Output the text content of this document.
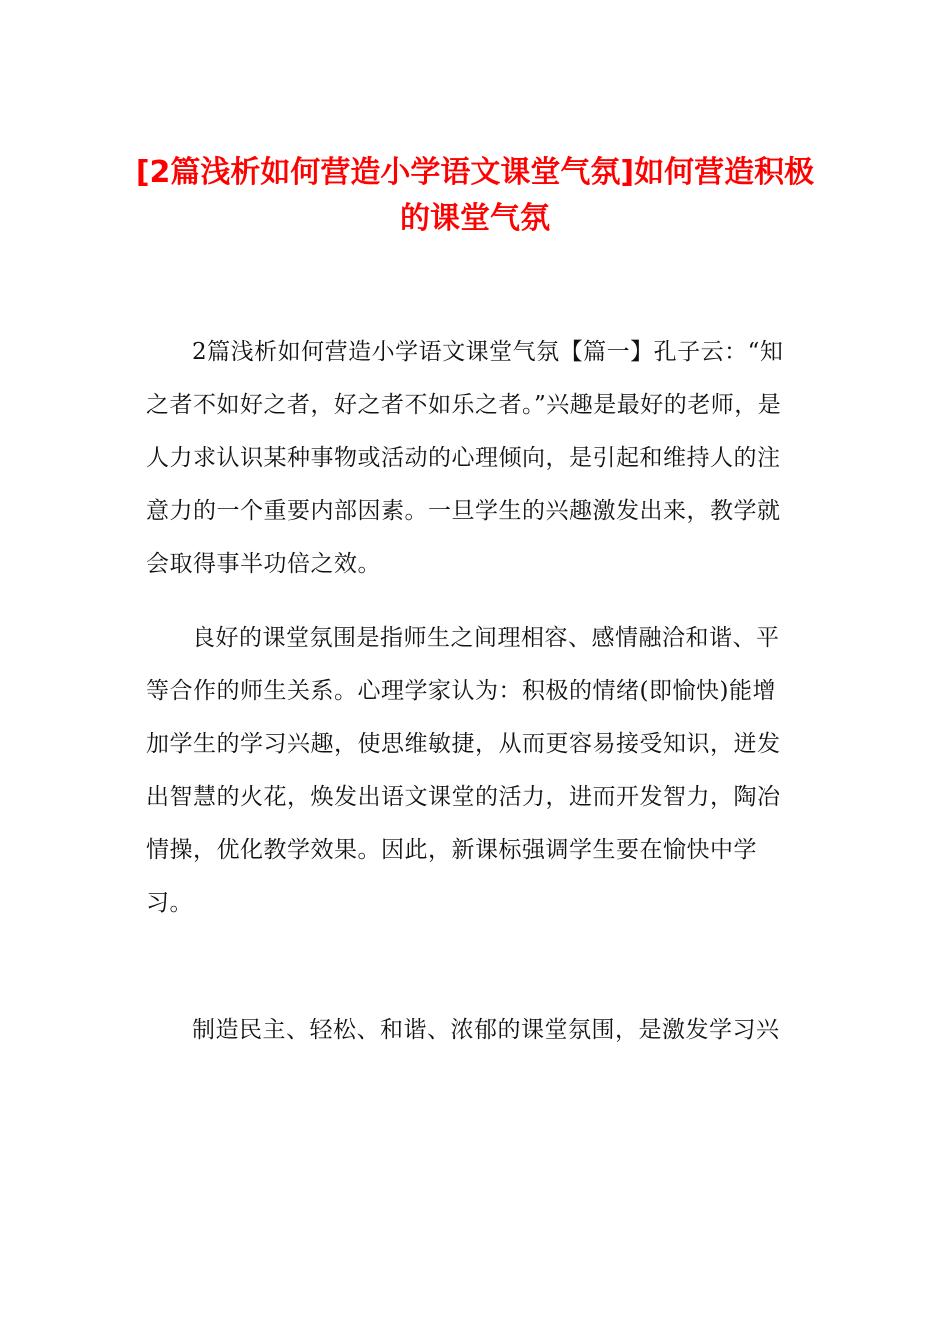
[2篇浅析如何营造小学语文课堂气氛]如何营造积极的课堂气氛

2篇浅析如何营造小学语文课堂气氛【篇一】孔子云：“知之者不如好之者，好之者不如乐之者。”兴趣是最好的老师，是人力求认识某种事物或活动的心理倾向，是引起和维持人的注意力的一个重要内部因素。一旦学生的兴趣激发出来，教学就会取得事半功倍之效。

良好的课堂氛围是指师生之间理相容、感情融洽和谐、平等合作的师生关系。心理学家认为：积极的情绪(即愉快)能增加学生的学习兴趣，使思维敏捷，从而更容易接受知识，迸发出智慧的火花，焕发出语文课堂的活力，进而开发智力，陶冶情操，优化教学效果。因此，新课标强调学生要在愉快中学习。

制造民主、轻松、和谐、浓郁的课堂氛围，是激发学习兴
